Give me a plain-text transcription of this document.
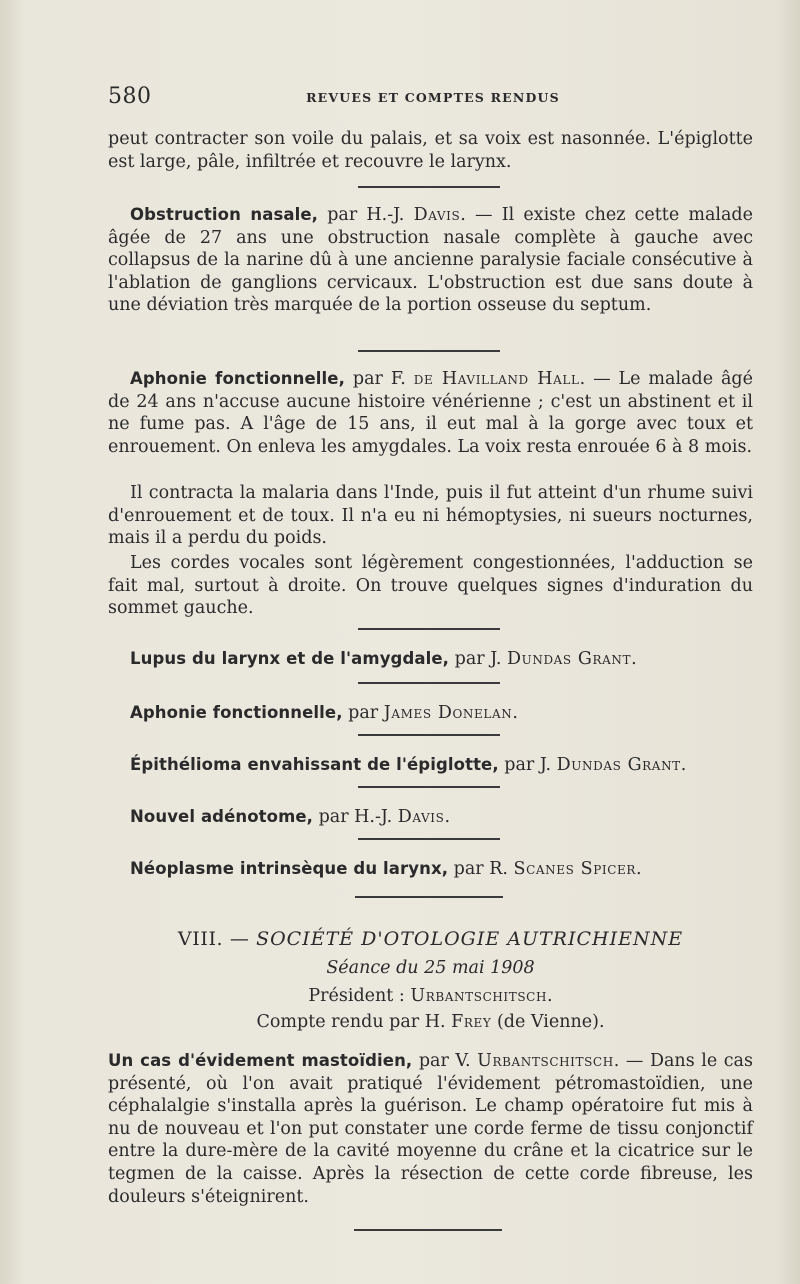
580	REVUES ET COMPTES RENDUS
peut contracter son voile du palais, et sa voix est nasonnée. L'épiglotte est large, pâle, infiltrée et recouvre le larynx.
Obstruction nasale, par H.-J. Davis. — Il existe chez cette malade âgée de 27 ans une obstruction nasale complète à gauche avec collapsus de la narine dû à une ancienne paralysie faciale consécutive à l'ablation de ganglions cervicaux. L'obstruction est due sans doute à une déviation très marquée de la portion osseuse du septum.
Aphonie fonctionnelle, par F. de Havilland Hall. — Le malade âgé de 24 ans n'accuse aucune histoire vénérienne ; c'est un abstinent et il ne fume pas. A l'âge de 15 ans, il eut mal à la gorge avec toux et enrouement. On enleva les amygdales. La voix resta enrouée 6 à 8 mois.
Il contracta la malaria dans l'Inde, puis il fut atteint d'un rhume suivi d'enrouement et de toux. Il n'a eu ni hémoptysies, ni sueurs nocturnes, mais il a perdu du poids.
Les cordes vocales sont légèrement congestionnées, l'adduction se fait mal, surtout à droite. On trouve quelques signes d'induration du sommet gauche.
Lupus du larynx et de l'amygdale, par J. Dundas Grant.
Aphonie fonctionnelle, par James Donelan.
Épithélioma envahissant de l'épiglotte, par J. Dundas Grant.
Nouvel adénotome, par H.-J. Davis.
Néoplasme intrinsèque du larynx, par R. Scanes Spicer.
VIII. — SOCIÉTÉ D'OTOLOGIE AUTRICHIENNE
Séance du 25 mai 1908
Président : Urbantschitsch.
Compte rendu par H. Frey (de Vienne).
Un cas d'évidement mastoïdien, par V. Urbantschitsch. — Dans le cas présenté, où l'on avait pratiqué l'évidement pétromastoïdien, une céphalalgie s'installa après la guérison. Le champ opératoire fut mis à nu de nouveau et l'on put constater une corde ferme de tissu conjonctif entre la dure-mère de la cavité moyenne du crâne et la cicatrice sur le tegmen de la caisse. Après la résection de cette corde fibreuse, les douleurs s'éteignirent.
